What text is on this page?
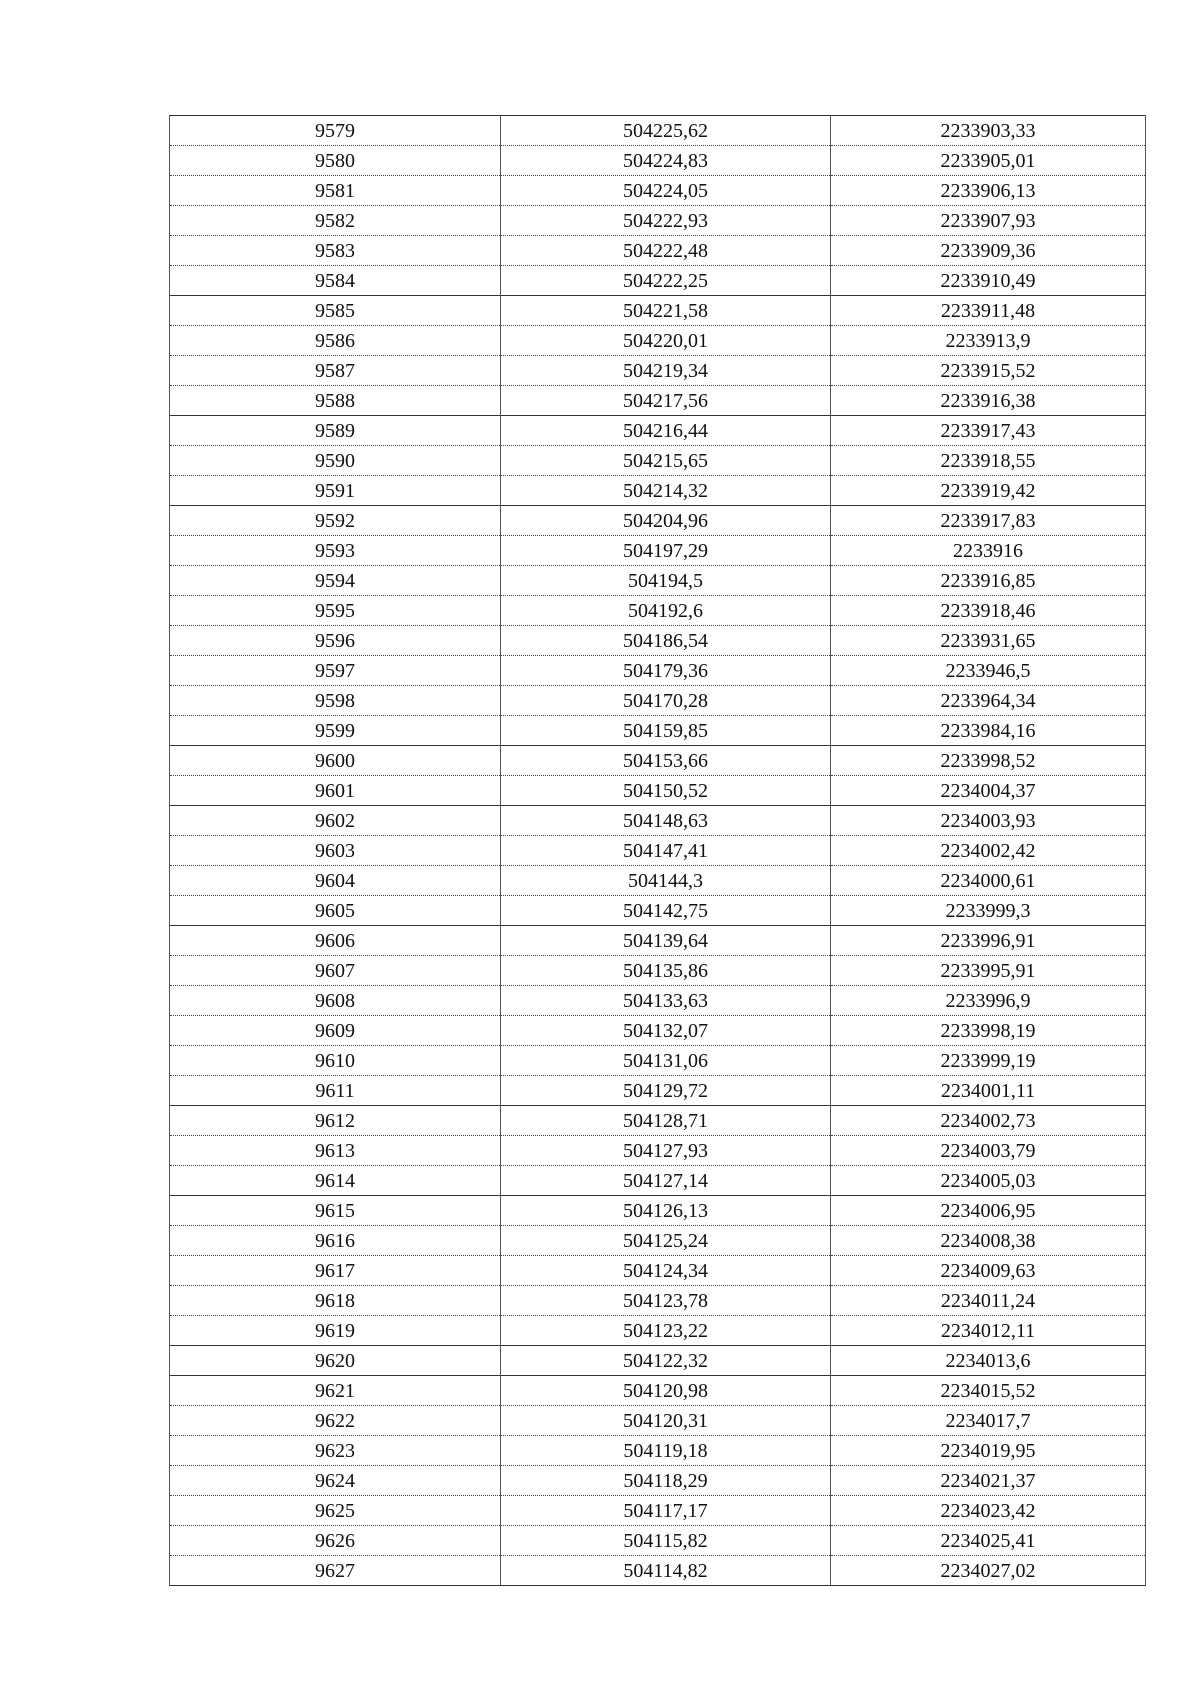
9579	504225,62	2233903,33
9580	504224,83	2233905,01
9581	504224,05	2233906,13
9582	504222,93	2233907,93
9583	504222,48	2233909,36
9584	504222,25	2233910,49
9585	504221,58	2233911,48
9586	504220,01	2233913,9
9587	504219,34	2233915,52
9588	504217,56	2233916,38
9589	504216,44	2233917,43
9590	504215,65	2233918,55
9591	504214,32	2233919,42
9592	504204,96	2233917,83
9593	504197,29	2233916
9594	504194,5	2233916,85
9595	504192,6	2233918,46
9596	504186,54	2233931,65
9597	504179,36	2233946,5
9598	504170,28	2233964,34
9599	504159,85	2233984,16
9600	504153,66	2233998,52
9601	504150,52	2234004,37
9602	504148,63	2234003,93
9603	504147,41	2234002,42
9604	504144,3	2234000,61
9605	504142,75	2233999,3
9606	504139,64	2233996,91
9607	504135,86	2233995,91
9608	504133,63	2233996,9
9609	504132,07	2233998,19
9610	504131,06	2233999,19
9611	504129,72	2234001,11
9612	504128,71	2234002,73
9613	504127,93	2234003,79
9614	504127,14	2234005,03
9615	504126,13	2234006,95
9616	504125,24	2234008,38
9617	504124,34	2234009,63
9618	504123,78	2234011,24
9619	504123,22	2234012,11
9620	504122,32	2234013,6
9621	504120,98	2234015,52
9622	504120,31	2234017,7
9623	504119,18	2234019,95
9624	504118,29	2234021,37
9625	504117,17	2234023,42
9626	504115,82	2234025,41
9627	504114,82	2234027,02
